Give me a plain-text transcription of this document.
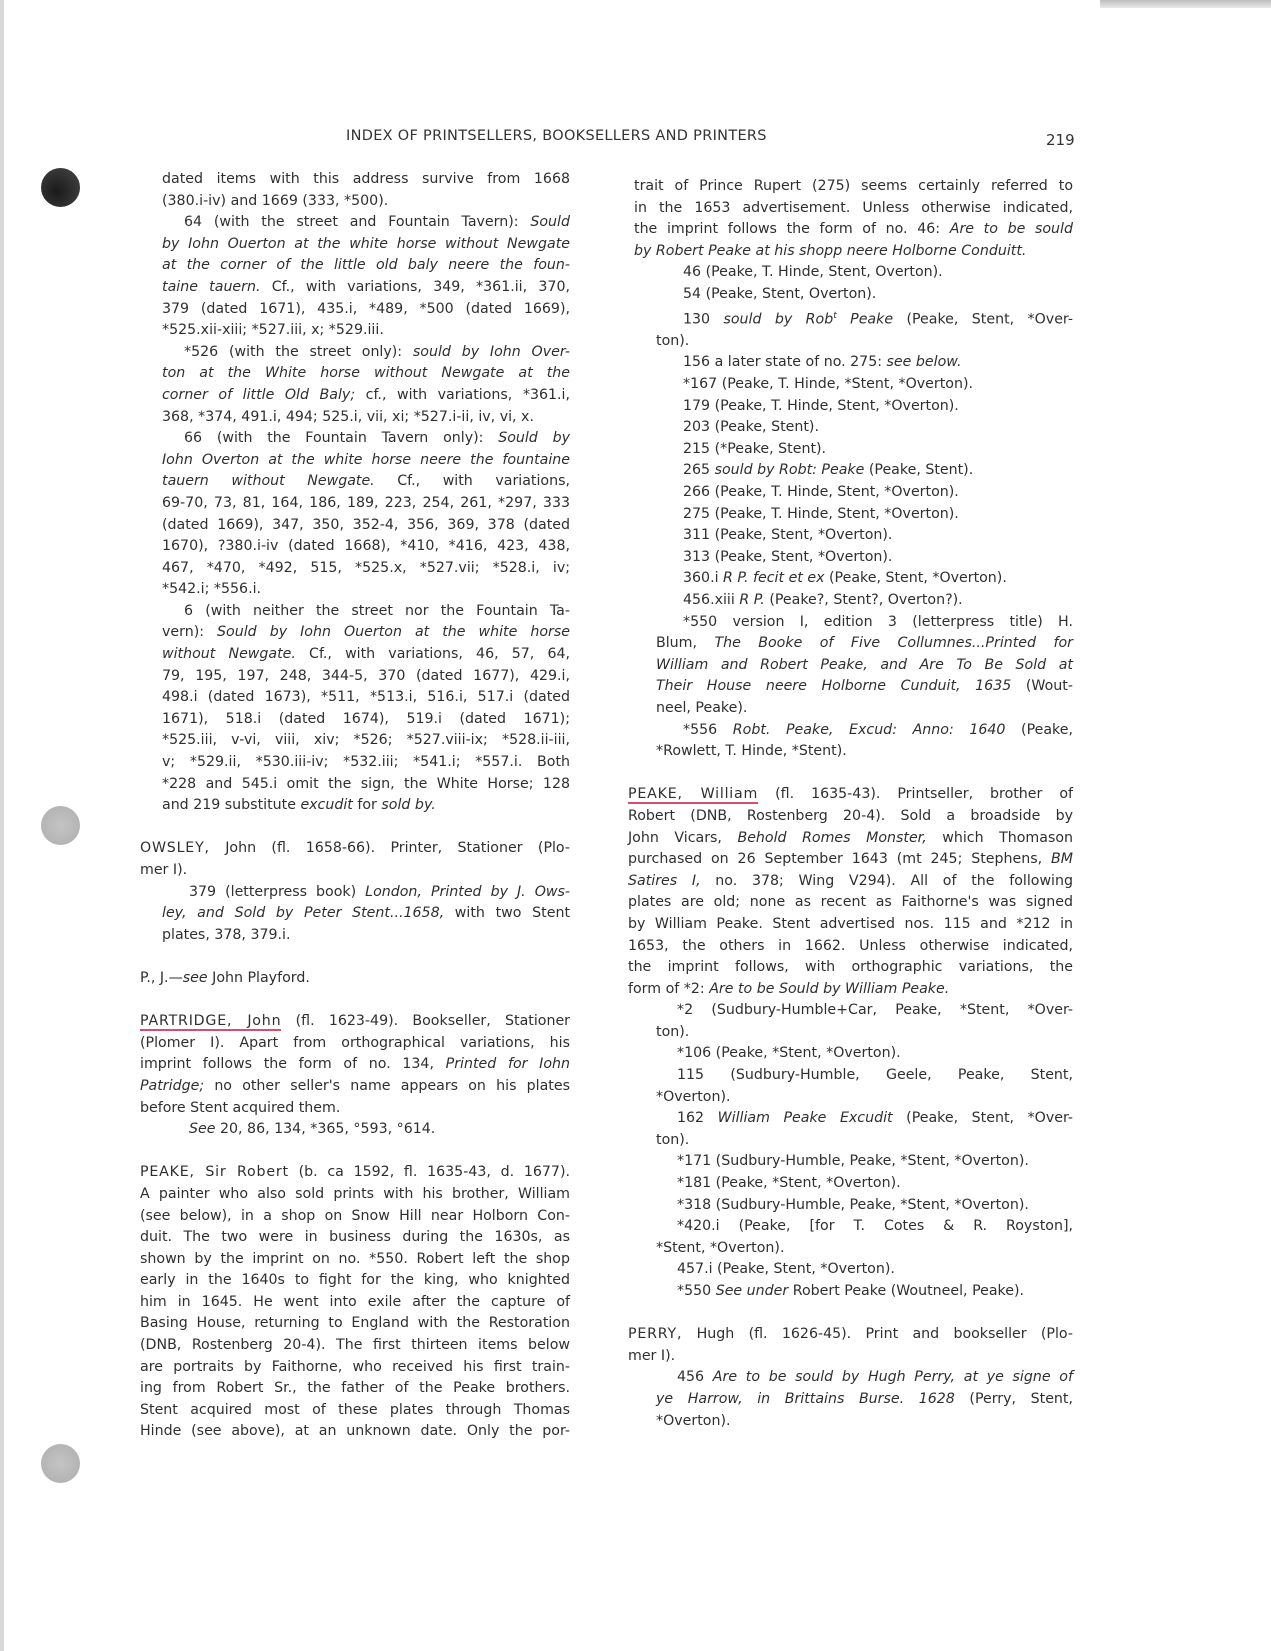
INDEX OF PRINTSELLERS, BOOKSELLERS AND PRINTERS	219
dated items with this address survive from 1668
(380.i-iv) and 1669 (333, *500).
64 (with the street and Fountain Tavern): Sould
by Iohn Ouerton at the white horse without Newgate
at the corner of the little old baly neere the foun-
taine tauern. Cf., with variations, 349, *361.ii, 370,
379 (dated 1671), 435.i, *489, *500 (dated 1669),
*525.xii-xiii; *527.iii, x; *529.iii.
*526 (with the street only): sould by Iohn Over-
ton at the White horse without Newgate at the
corner of little Old Baly; cf., with variations, *361.i,
368, *374, 491.i, 494; 525.i, vii, xi; *527.i-ii, iv, vi, x.
66 (with the Fountain Tavern only): Sould by
Iohn Overton at the white horse neere the fountaine
tauern without Newgate. Cf., with variations,
69-70, 73, 81, 164, 186, 189, 223, 254, 261, *297, 333
(dated 1669), 347, 350, 352-4, 356, 369, 378 (dated
1670), ?380.i-iv (dated 1668), *410, *416, 423, 438,
467, *470, *492, 515, *525.x, *527.vii; *528.i, iv;
*542.i; *556.i.
6 (with neither the street nor the Fountain Ta-
vern): Sould by Iohn Ouerton at the white horse
without Newgate. Cf., with variations, 46, 57, 64,
79, 195, 197, 248, 344-5, 370 (dated 1677), 429.i,
498.i (dated 1673), *511, *513.i, 516.i, 517.i (dated
1671), 518.i (dated 1674), 519.i (dated 1671);
*525.iii, v-vi, viii, xiv; *526; *527.viii-ix; *528.ii-iii,
v; *529.ii, *530.iii-iv; *532.iii; *541.i; *557.i. Both
*228 and 545.i omit the sign, the White Horse; 128
and 219 substitute excudit for sold by.
OWSLEY, John (fl. 1658-66). Printer, Stationer (Plo-
mer I).
379 (letterpress book) London, Printed by J. Ows-
ley, and Sold by Peter Stent...1658, with two Stent
plates, 378, 379.i.
P., J.—see John Playford.
PARTRIDGE, John (fl. 1623-49). Bookseller, Stationer
(Plomer I). Apart from orthographical variations, his
imprint follows the form of no. 134, Printed for Iohn
Patridge; no other seller's name appears on his plates
before Stent acquired them.
See 20, 86, 134, *365, °593, °614.
PEAKE, Sir Robert (b. ca 1592, fl. 1635-43, d. 1677).
A painter who also sold prints with his brother, William
(see below), in a shop on Snow Hill near Holborn Con-
duit. The two were in business during the 1630s, as
shown by the imprint on no. *550. Robert left the shop
early in the 1640s to fight for the king, who knighted
him in 1645. He went into exile after the capture of
Basing House, returning to England with the Restoration
(DNB, Rostenberg 20-4). The first thirteen items below
are portraits by Faithorne, who received his first train-
ing from Robert Sr., the father of the Peake brothers.
Stent acquired most of these plates through Thomas
Hinde (see above), at an unknown date. Only the por-
trait of Prince Rupert (275) seems certainly referred to
in the 1653 advertisement. Unless otherwise indicated,
the imprint follows the form of no. 46: Are to be sould
by Robert Peake at his shopp neere Holborne Conduitt.
46 (Peake, T. Hinde, Stent, Overton).
54 (Peake, Stent, Overton).
130 sould by Rob$^t$ Peake (Peake, Stent, *Over-
ton).
156 a later state of no. 275: see below.
*167 (Peake, T. Hinde, *Stent, *Overton).
179 (Peake, T. Hinde, Stent, *Overton).
203 (Peake, Stent).
215 (*Peake, Stent).
265 sould by Robt: Peake (Peake, Stent).
266 (Peake, T. Hinde, Stent, *Overton).
275 (Peake, T. Hinde, Stent, *Overton).
311 (Peake, Stent, *Overton).
313 (Peake, Stent, *Overton).
360.i R P. fecit et ex (Peake, Stent, *Overton).
456.xiii R P. (Peake?, Stent?, Overton?).
*550 version I, edition 3 (letterpress title) H.
Blum, The Booke of Five Collumnes...Printed for
William and Robert Peake, and Are To Be Sold at
Their House neere Holborne Cunduit, 1635 (Wout-
neel, Peake).
*556 Robt. Peake, Excud: Anno: 1640 (Peake,
*Rowlett, T. Hinde, *Stent).
PEAKE, William (fl. 1635-43). Printseller, brother of
Robert (DNB, Rostenberg 20-4). Sold a broadside by
John Vicars, Behold Romes Monster, which Thomason
purchased on 26 September 1643 (mt 245; Stephens, BM
Satires I, no. 378; Wing V294). All of the following
plates are old; none as recent as Faithorne's was signed
by William Peake. Stent advertised nos. 115 and *212 in
1653, the others in 1662. Unless otherwise indicated,
the imprint follows, with orthographic variations, the
form of *2: Are to be Sould by William Peake.
*2 (Sudbury-Humble+Car, Peake, *Stent, *Over-
ton).
*106 (Peake, *Stent, *Overton).
115 (Sudbury-Humble, Geele, Peake, Stent,
*Overton).
162 William Peake Excudit (Peake, Stent, *Over-
ton).
*171 (Sudbury-Humble, Peake, *Stent, *Overton).
*181 (Peake, *Stent, *Overton).
*318 (Sudbury-Humble, Peake, *Stent, *Overton).
*420.i (Peake, [for T. Cotes & R. Royston],
*Stent, *Overton).
457.i (Peake, Stent, *Overton).
*550 See under Robert Peake (Woutneel, Peake).
PERRY, Hugh (fl. 1626-45). Print and bookseller (Plo-
mer I).
456 Are to be sould by Hugh Perry, at ye signe of
ye Harrow, in Brittains Burse. 1628 (Perry, Stent,
*Overton).
